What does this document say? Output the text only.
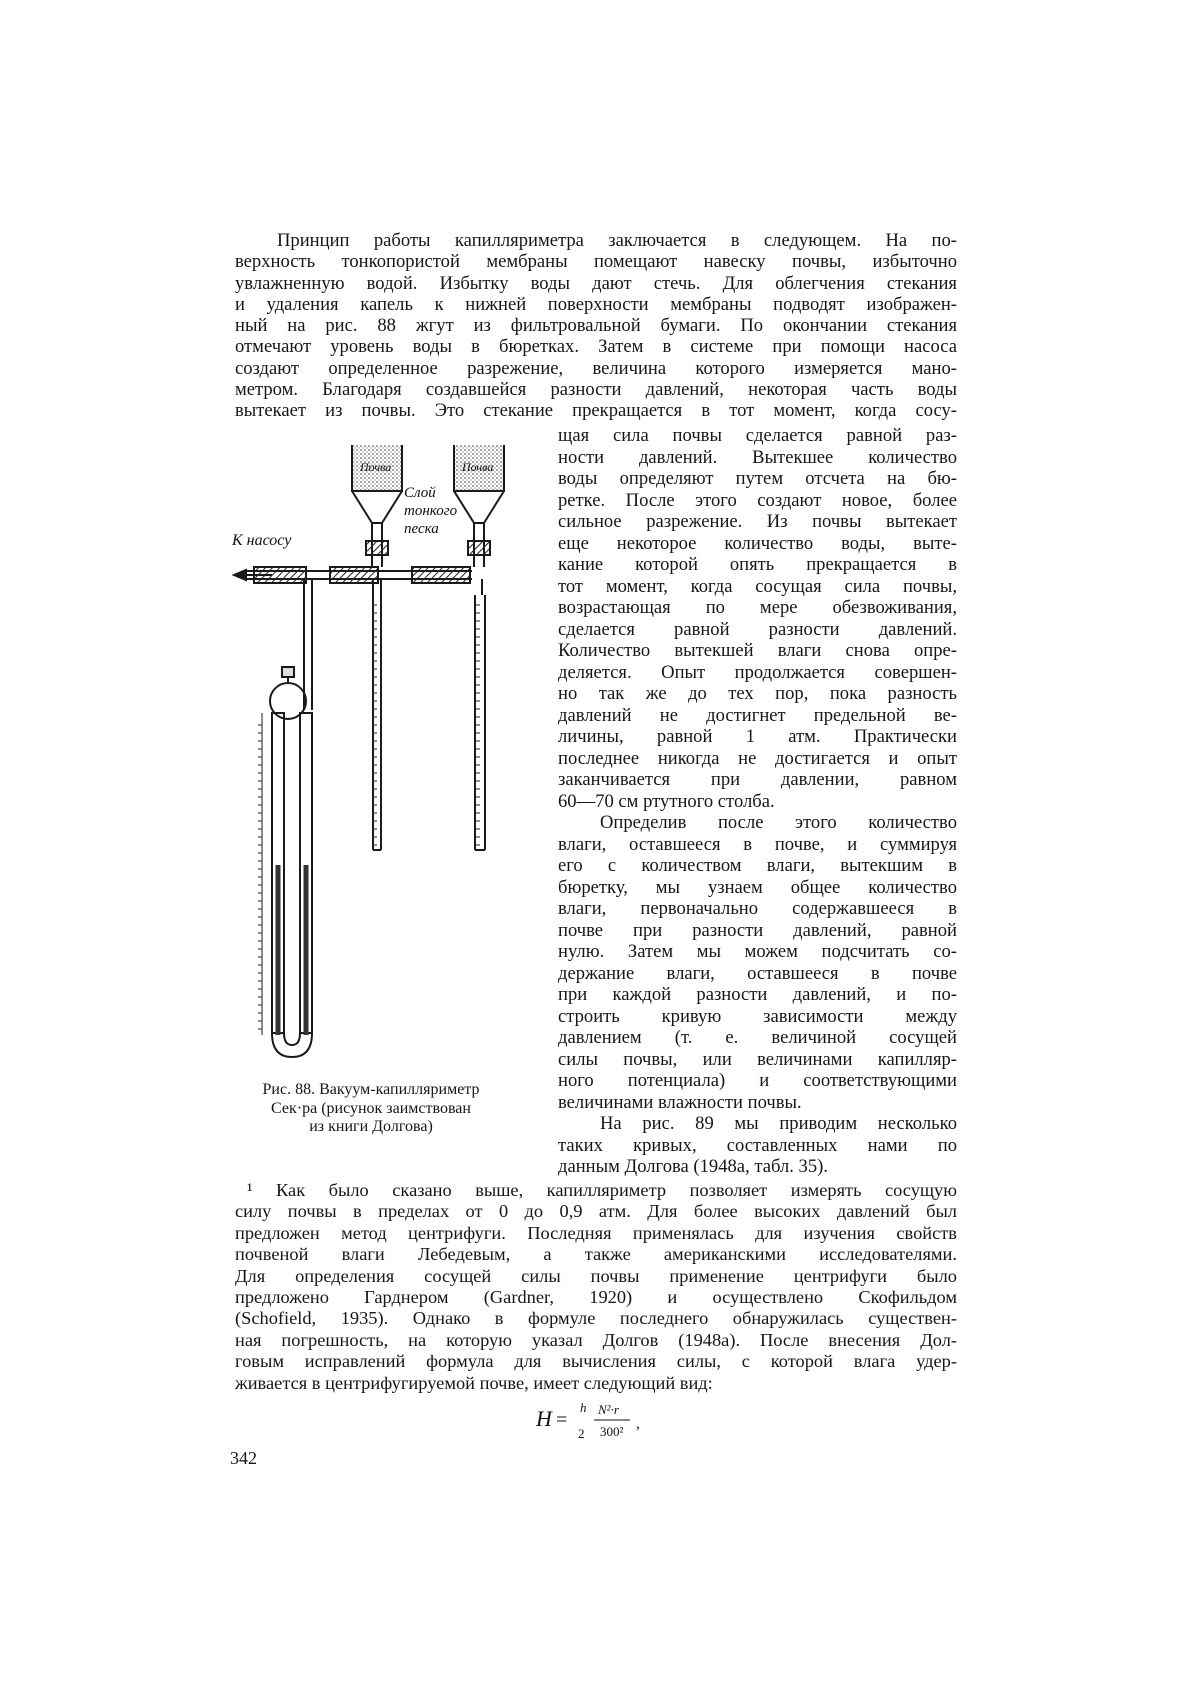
Принцип работы капилляриметра заключается в следующем. На по-
верхность тонкопористой мембраны помещают навеску почвы, избыточно
увлажненную водой. Избытку воды дают стечь. Для облегчения стекания
и удаления капель к нижней поверхности мембраны подводят изображен-
ный на рис. 88 жгут из фильтровальной бумаги. По окончании стекания
отмечают уровень воды в бюретках. Затем в системе при помощи насоса
создают определенное разрежение, величина которого измеряется мано-
метром. Благодаря создавшейся разности давлений, некоторая часть воды
вытекает из почвы. Это стекание прекращается в тот момент, когда сосу-
К насосу
Почва	Почва
Слой
тонкого
песка
щая сила почвы сделается равной раз-
ности давлений. Вытекшее количество
воды определяют путем отсчета на бю-
ретке. После этого создают новое, более
сильное разрежение. Из почвы вытекает
еще некоторое количество воды, выте-
кание которой опять прекращается в
тот момент, когда сосущая сила почвы,
возрастающая по мере обезвоживания,
сделается равной разности давлений.
Количество вытекшей влаги снова опре-
деляется. Опыт продолжается совершен-
но так же до тех пор, пока разность
давлений не достигнет предельной ве-
личины, равной 1 атм. Практически
последнее никогда не достигается и опыт
заканчивается при давлении, равном
60—70 см ртутного столба.
Определив после этого количество
влаги, оставшееся в почве, и суммируя
его с количеством влаги, вытекшим в
бюретку, мы узнаем общее количество
влаги, первоначально содержавшееся в
почве при разности давлений, равной
нулю. Затем мы можем подсчитать со-
держание влаги, оставшееся в почве
при каждой разности давлений, и по-
строить кривую зависимости между
давлением (т. е. величиной сосущей
силы почвы, или величинами капилляр-
ного потенциала) и соответствующими
величинами влажности почвы.
На рис. 89 мы приводим несколько
таких кривых, составленных нами по
данным Долгова (1948а, табл. 35).
Рис. 88. Вакуум-капилляриметр
Сек·ра (рисунок заимствован
из книги Долгова)
¹ Как было сказано выше, капилляриметр позволяет измерять сосущую
силу почвы в пределах от 0 до 0,9 атм. Для более высоких давлений был
предложен метод центрифуги. Последняя применялась для изучения свойств
почвеной влаги Лебедевым, а также американскими исследователями.
Для определения сосущей силы почвы применение центрифуги было
предложено Гарднером (Gardner, 1920) и осуществлено Скофильдом
(Schofield, 1935). Однако в формуле последнего обнаружилась существен-
ная погрешность, на которую указал Долгов (1948а). После внесения Дол-
говым исправлений формула для вычисления силы, с которой влага удер-
живается в центрифугируемой почве, имеет следующий вид:
H =
h
2
N²·r
300² ,
342
